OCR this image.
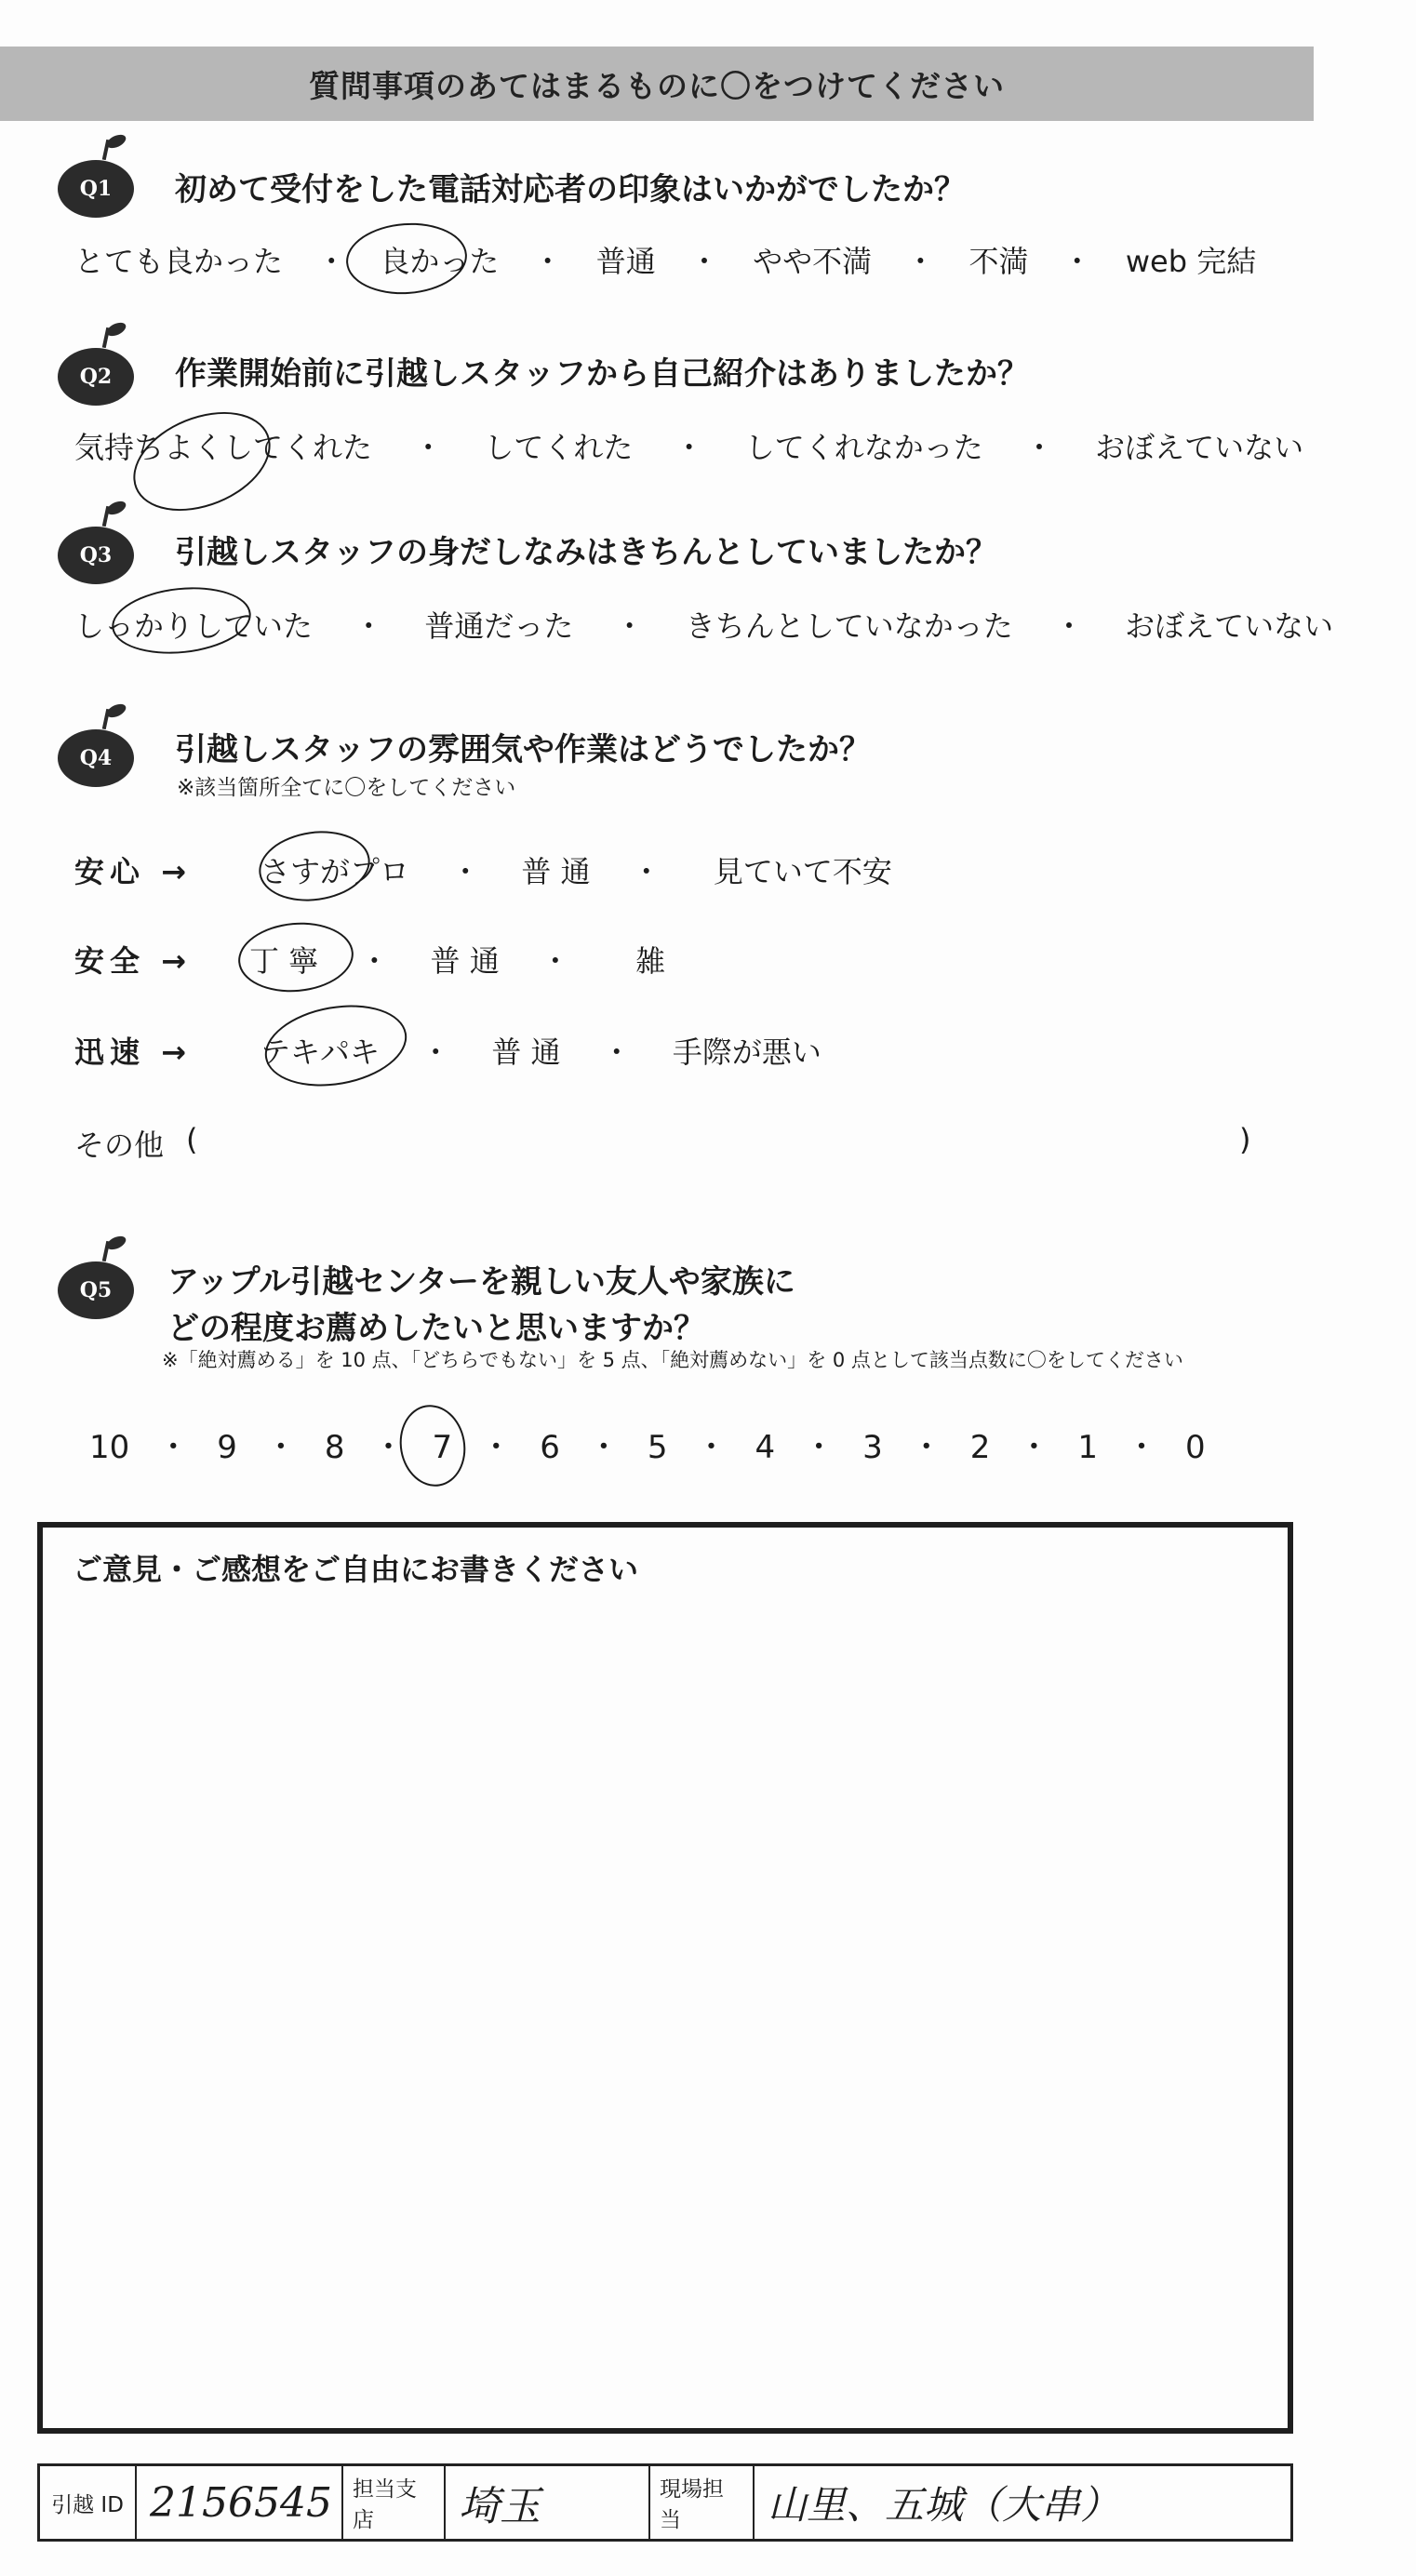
質問事項のあてはまるものに〇をつけてください
Q1	初めて受付をした電話対応者の印象はいかがでしたか？
とても良かった ・ 良かった ・ 普通 ・ やや不満 ・ 不満 ・ web 完結
Q2	作業開始前に引越しスタッフから自己紹介はありましたか？
気持ちよくしてくれた ・ してくれた ・ してくれなかった ・ おぼえていない
Q3	引越しスタッフの身だしなみはきちんとしていましたか？
しっかりしていた ・ 普通だった ・ きちんとしていなかった ・ おぼえていない
Q4	引越しスタッフの雰囲気や作業はどうでしたか？
※該当箇所全てに〇をしてください
安心 → さすがプロ ・ 普 通 ・ 見ていて不安
安全 → 丁 寧 ・ 普 通 ・ 雑
迅速 → テキパキ ・ 普 通 ・ 手際が悪い
その他 (	)
Q5	アップル引越センターを親しい友人や家族に
どの程度お薦めしたいと思いますか？
※「絶対薦める」を 10 点、「どちらでもない」を 5 点、「絶対薦めない」を 0 点として該当点数に〇をしてください
10 ・ 9 ・ 8 ・ 7 ・ 6 ・ 5 ・ 4 ・ 3 ・ 2 ・ 1 ・ 0
ご意見・ご感想をご自由にお書きください
引越 ID 2156545 担当支店	埼玉	現場担当	山里、五城（大串）
